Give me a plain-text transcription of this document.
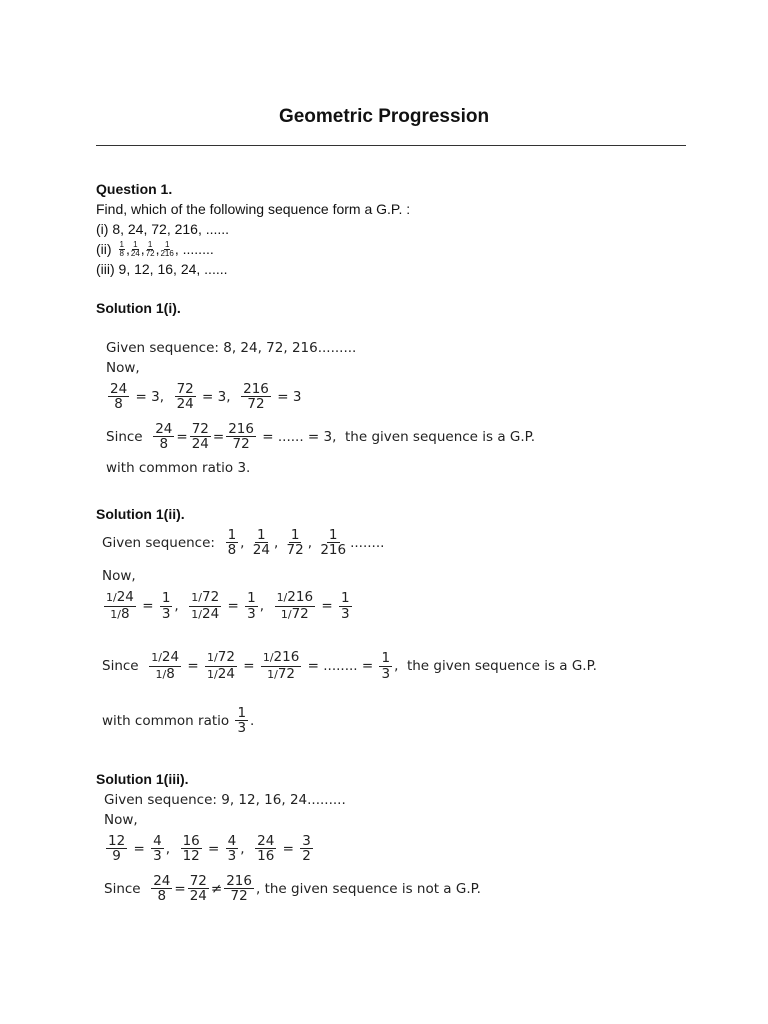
Geometric Progression
Question 1.
Find, which of the following sequence form a G.P. :
(i) 8, 24, 72, 216, ......
(ii) 1
8 , 1
24 , 1
72 , 1
216 , ........
(iii) 9, 12, 16, 24, ......
Solution 1(i).
Given sequence: 8, 24, 72, 216.........
Now,
$\frac{24}{8} = 3$ , $\frac{72}{24} = 3$ , $\frac{216}{72} = 3$
Since
$\frac{24}{8} = \frac{72}{24} = \frac{216}{72}$ = ...... = 3,
the given sequence is a G.P.
with common ratio 3.
Solution 1(ii).
Given sequence:
$\frac{1}{8}$ , $\frac{1}{24}$ , $\frac{1}{72}$ , $\frac{1}{216}$ ........
Now,
$\frac{1/ 24}{1/ 8} = \frac{1}{3}$ , $\frac{1/ 72}{1/ 24} = \frac{1}{3}$ , $\frac{1/ 216}{1/ 72} = \frac{1}{3}$
Since
$\frac{1/ 24}{1/ 8} = \frac{1/ 72}{1/ 24} = \frac{1/ 216}{1/ 72}$ = ........ =
$\frac{1}{3}$ , the given sequence is a G.P.
with common ratio
$\frac{1}{3}$ .
Solution 1(iii).
Given sequence: 9, 12, 16, 24.........
Now,
$\frac{12}{9} = \frac{4}{3}$ , $\frac{16}{12} = \frac{4}{3}$ , $\frac{24}{16} = \frac{3}{2}$
Since
$\frac{24}{8} = \frac{72}{24} \ne \frac{216}{72}$ , the given sequence is not a G.P.
